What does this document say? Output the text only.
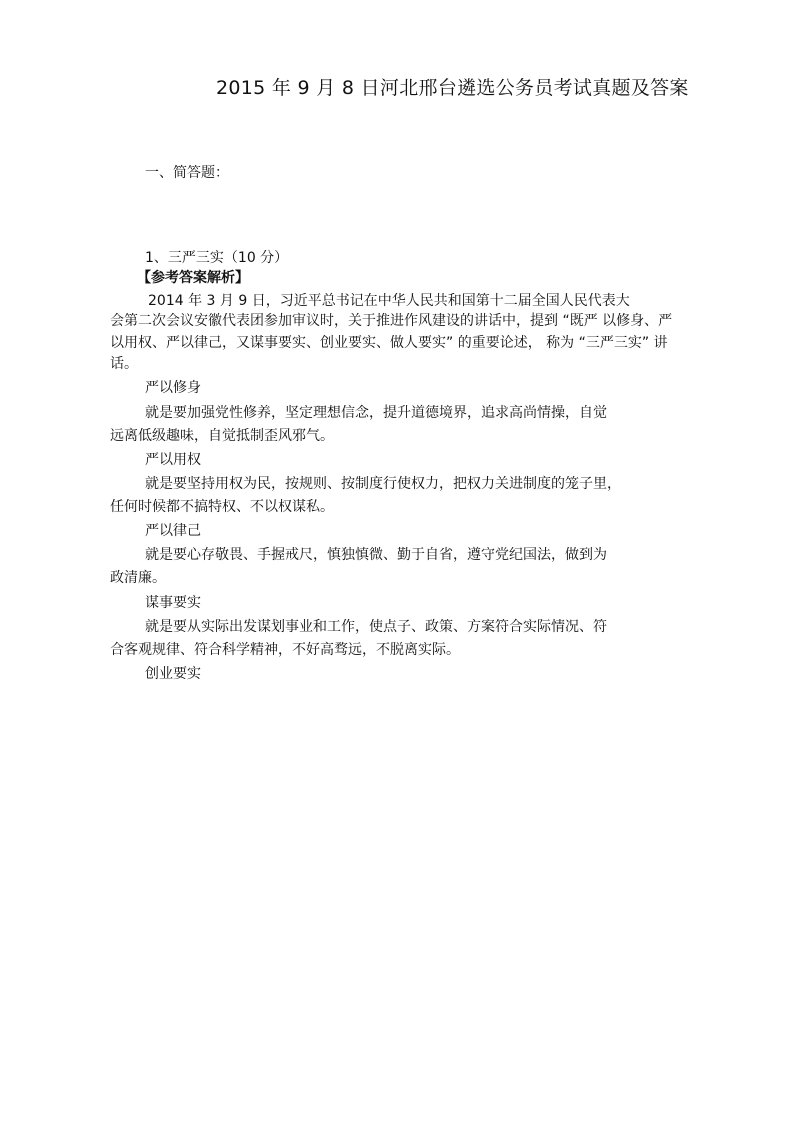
2015 年 9 月 8 日河北邢台遴选公务员考试真题及答案
一、简答题：
1、三严三实（10 分）
【参考答案解析】
2014 年 3 月 9 日，习近平总书记在中华人民共和国第十二届全国人民代表大
会第二次会议安徽代表团参加审议时，关于推进作风建设的讲话中，提到 “既严 以修身、严
以用权、严以律己，又谋事要实、创业要实、做人要实” 的重要论述， 称为 “三严三实” 讲
话。
严以修身
就是要加强党性修养，坚定理想信念，提升道德境界，追求高尚情操，自觉
远离低级趣味，自觉抵制歪风邪气。
严以用权
就是要坚持用权为民，按规则、按制度行使权力，把权力关进制度的笼子里，
任何时候都不搞特权、不以权谋私。
严以律己
就是要心存敬畏、手握戒尺，慎独慎微、勤于自省，遵守党纪国法，做到为
政清廉。
谋事要实
就是要从实际出发谋划事业和工作，使点子、政策、方案符合实际情况、符
合客观规律、符合科学精神，不好高骛远，不脱离实际。
创业要实
